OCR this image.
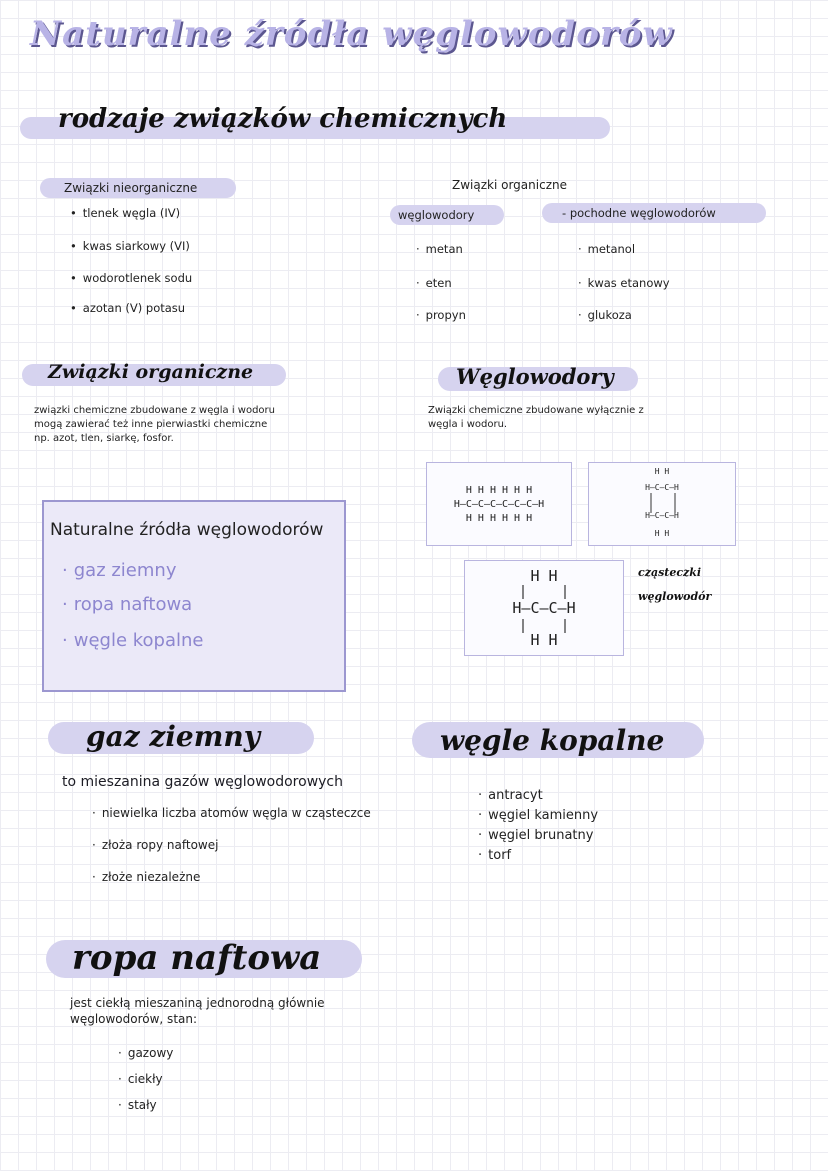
Naturalne źródła węglowodorów
rodzaje związków chemicznych
Związki nieorganiczne
• tlenek węgla (IV)
• kwas siarkowy (VI)
• wodorotlenek sodu
• azotan (V) potasu
Związki organiczne
węglowodory	- pochodne węglowodorów
· metan
· eten
· propyn
· metanol
· kwas etanowy
· glukoza
Związki organiczne
związki chemiczne zbudowane z węgla i wodoru
mogą zawierać też inne pierwiastki chemiczne
np. azot, tlen, siarkę, fosfor.
Węglowodory
Związki chemiczne zbudowane wyłącznie z
węgla i wodoru.
H H H H H H
H–C–C–C–C–C–C–H
H H H H H H
H H
H–C–C–H
H–C–C–H
H H
H H
H—C—C—H
H H
cząsteczki
węglowodór
Naturalne źródła węglowodorów
· gaz ziemny
· ropa naftowa
· węgle kopalne
gaz ziemny
to mieszanina gazów węglowodorowych
· niewielka liczba atomów węgla w cząsteczce
· złoża ropy naftowej
· złoże niezależne
węgle kopalne
· antracyt
· węgiel kamienny
· węgiel brunatny
· torf
ropa naftowa
jest ciekłą mieszaniną jednorodną głównie
węglowodorów, stan:
· gazowy
· ciekły
· stały
